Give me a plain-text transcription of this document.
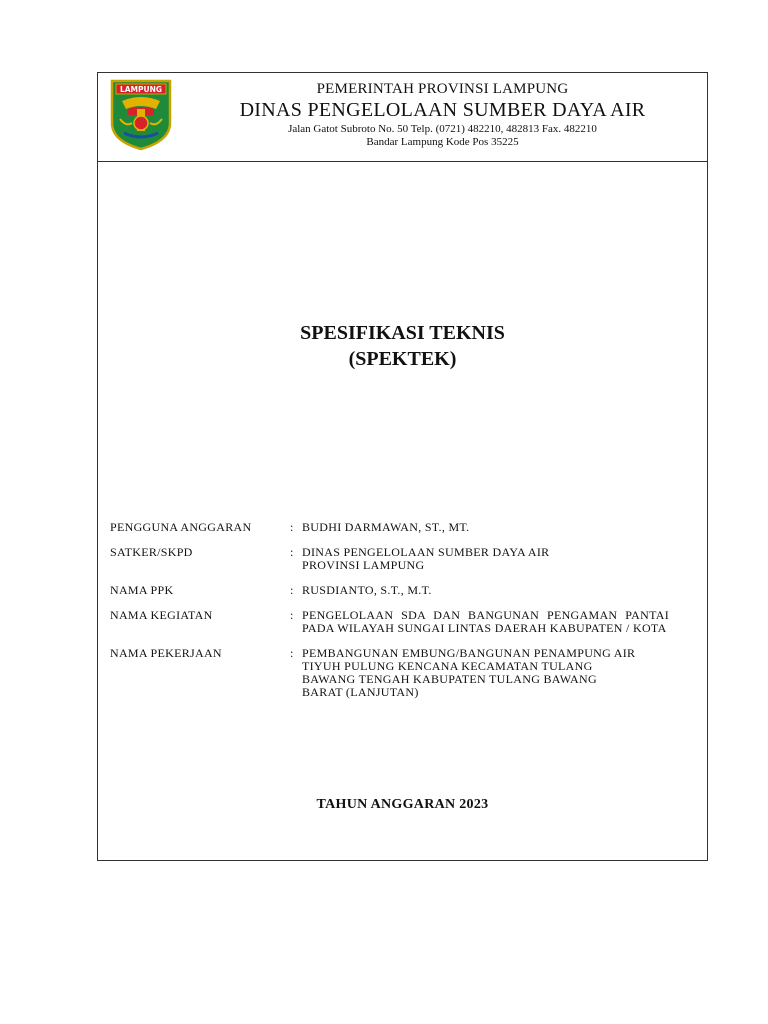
LAMPUNG	PEMERINTAH PROVINSI LAMPUNG
DINAS PENGELOLAAN SUMBER DAYA AIR
Jalan Gatot Subroto No. 50 Telp. (0721) 482210, 482813 Fax. 482210
Bandar Lampung Kode Pos 35225
SPESIFIKASI TEKNIS
(SPEKTEK)
PENGGUNA ANGGARAN	: BUDHI DARMAWAN, ST., MT.
SATKER/SKPD	: DINAS PENGELOLAAN SUMBER DAYA AIR
PROVINSI LAMPUNG
NAMA PPK	: RUSDIANTO, S.T., M.T.
NAMA KEGIATAN	: PENGELOLAAN SDA DAN BANGUNAN PENGAMAN PANTAI PADA WILAYAH SUNGAI LINTAS DAERAH KABUPATEN / KOTA
NAMA PEKERJAAN	: PEMBANGUNAN EMBUNG/BANGUNAN PENAMPUNG AIR
TIYUH PULUNG KENCANA KECAMATAN TULANG
BAWANG TENGAH KABUPATEN TULANG BAWANG
BARAT (LANJUTAN)
TAHUN ANGGARAN 2023
